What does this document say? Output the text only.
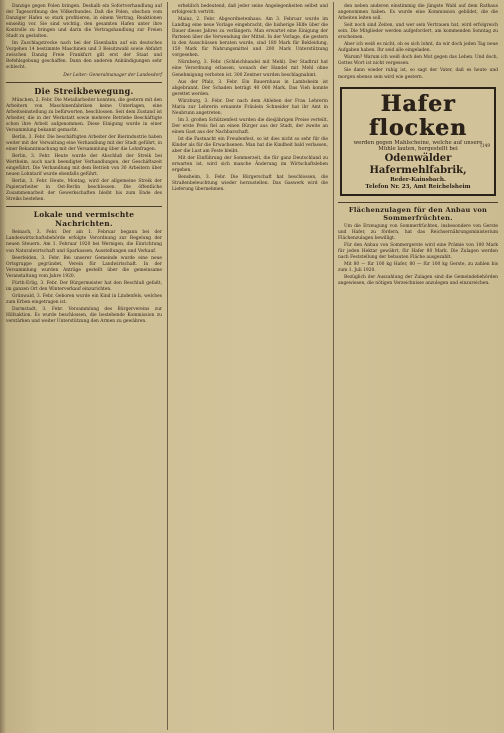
Danzige gegen Polen bringen. Deshalb ein Sofortverhandlung auf der Tagesordnung des Völkerbundes. Daß die Polen, obschon vom Danziger Hafen so stark profitieren, in einem Vertrag, Reaktionen einseitig vor. Sie sind wichtig, den gesamten Hafen unter ihre Kontrolle zu bringen und darin die Vertragshandlung zur Freien Stadt zu gestalten.

Im Zuschlagstrecke nach bei der Eisenbahn auf ein deutsches Vorgehen 14 bestimmte Maschinen und 3 Beisitzwahl sowie Abfahrt zwischen Danzig Freie Frankfurt gilt erst der Staat und Befehlsgebung geschaffen. Dann den anderen Ankündigungen sehr schlecht.

Der Leiter: Generalmanager der Landesdorf
Die Streikbewegung.

München, 2. Febr. Die Metallarbeiter konnten, die gestern mit den Arbeitern von Maschinenfabriken keine Unterlagen, eine Arbeitseinstellung zu befürworten, beschlossen. Seit dem Zustand ist Arbeiter, die in der Werkstatt sowie mehrere Betriebe Beschäftigte schon ihre Arbeit aufgenommen. Diese Einigung wurde in einer Versammlung bekannt gemacht.

Berlin, 3. Febr. Die beschäftigten Arbeiter der Bierindustrie haben weiter mit der Verwaltung eine Verhandlung mit der Stadt geführt, in einer Bekanntmachung mit der Versammlung über die Lohnfragen.

Berlin, 3. Febr. Heute wurde der Abschluß der Streik bei Wertheim, auch nach beendigter Verhandlungen, der Geschäftszeit eingeführt. Die Verhandlung mit dem Betrieb von 30 Arbeitern über neuen Lohntarif wurde ebenfalls geführt.

Berlin, 3. Febr. Heute, Montag, wird der allgemeine Streik der Papierarbeiter in Ost-Berlin beschlossen. Die öffentliche Zusammenarbeit der Gewerkschaften bleibt bis zum Ende des Streiks bestehen.

Lokale und vermischte Nachrichten.

Reinach, 3. Febr. Der am 1. Februar begann bei der Landeswirtschaftsbehörde erfolgte Verordnung zur Regelung der neuen Steuern. Am 1. Februar 1920 bei Wernigen, die Einrichtung von Naturalwirtschaft und Sparkassen, Ausstellungen und Verkauf.

Beerfelden, 3. Febr. Bei unserer Gemeinde wurde eine neue Ortsgruppe gegründet, Verein für Landwirtschaft. In der Versammlung wurden Anträge gestellt über die gemeinsame Veranstaltung vom Jahre 1920.

Fürth-Erlig, 3. Febr. Der Bürgermeister hat den Beschluß gefaßt, im ganzen Ort den Winterverkauf einzurichten.

Grünwald, 3. Febr. Geboren wurde ein Kind in Lindenfels, welches zum Erben eingetragen ist.

Darmstadt, 3. Febr. Versammlung des Bürgervereins zur Hilfsaktion. Es wurde beschlossen, die bestehende Kommission zu verstärken und weiter Unterstützung den Armen zu gewähren.

erheblich bedeutend, daß jeder seine Angelegenheiten selbst und erfolgreich vertritt.

Mainz, 2. Febr. Abgeordnetenhaus. Am 3. Februar wurde im Landtag eine neue Vorlage eingebracht, die bisherige Hilfe über die Dauer dieses Jahres zu verlängern. Man erwartet eine Einigung der Parteien über die Verwendung der Mittel. In der Vorlage, die gestern in den Ausschüssen beraten wurde, sind 180 Mark für Bekleidung, 150 Mark für Nahrungsmittel und 200 Mark Unterstützung vorgesehen.

Nürnberg, 3. Febr. (Schleichhandel mit Mehl). Der Stadtrat hat eine Verordnung erlassen, wonach der Handel mit Mehl ohne Genehmigung verboten ist. 300 Zentner wurden beschlagnahmt.

Aus der Pfalz, 3. Febr. Ein Bauernhaus in Lambsheim ist abgebrannt. Der Schaden beträgt 40 000 Mark. Das Vieh konnte gerettet werden.

Würzburg, 3. Febr. Der nach dem Ableben der Frau Lehrerin Maria zur Lehrerin ernannte Fräulein Schneider hat ihr Amt in Neubrunn angetreten.

Im 3. großen Schützenfest wurden die diesjährigen Preise verteilt. Der erste Preis fiel an einen Bürger aus der Stadt, der zweite an einen Gast aus der Nachbarschaft.

Ist die Fastnacht ein Freudenfest, so ist dies nicht so sehr für die Kinder als für die Erwachsenen. Man hat die Kindheit bald verlassen, aber die Lust am Feste bleibt.

Mit der Einführung der Sommerzeit, die für ganz Deutschland zu erwarten ist, wird sich manche Änderung im Wirtschaftsleben ergeben.

Bensheim, 3. Febr. Die Bürgerschaft hat beschlossen, die Straßenbeleuchtung wieder herzustellen. Das Gaswerk wird die Lieferung übernehmen.

den neben anderen einstimmig die jüngste Wahl auf dem Rathaus angenommen haben. Es wurde eine Kommission gebildet, die die Arbeiten leiten soll.

Seit noch sind Zeiten, und wer sein Vertrauen hat, wird erfolgreich sein. Die Mitglieder werden aufgefordert, am kommenden Sonntag zu erscheinen.

Aber ich weiß es nicht, ob es sich lohnt, da wir doch jeden Tag neue Aufgaben haben. Ihr seid alle eingeladen.

Warum? Warum ich weiß doch den Mut gegen das Leben. Und doch, Gottes Wort ist nicht vergessen.

Sie dann wieder ruhig ist, so sagt der Vater, daß es heute und morgen ebenso sein wird wie gestern.

Hafer flocken
werden gegen Mahlscheine, welche auf unsere Mühle lauten, hergestellt bei
Odenwälder Hafermehlfabrik,
Reder-Kainsbach.
Telefon Nr. 23, Amt Reichelsheim
(149
Flächenzulagen für den Anbau von Sommerfrüchten.

Um die Erzeugung von Sommerfrüchten, insbesondere von Gerste und Hafer, zu fördern, hat das Reichsernährungsministerium Flächenzulagen bewilligt.

Für den Anbau von Sommergerste wird eine Prämie von 100 Mark für jeden Hektar gewährt, für Hafer 80 Mark. Die Zulagen werden nach Feststellung der bebauten Fläche ausgezahlt.

Mit 80 — für 100 kg Hafer, 80 — für 100 kg Gerste, zu zahlen bis zum 1. Juli 1920.

Bezüglich der Auszahlung der Zulagen sind die Gemeindebehörden angewiesen, die nötigen Verzeichnisse anzulegen und einzureichen.
